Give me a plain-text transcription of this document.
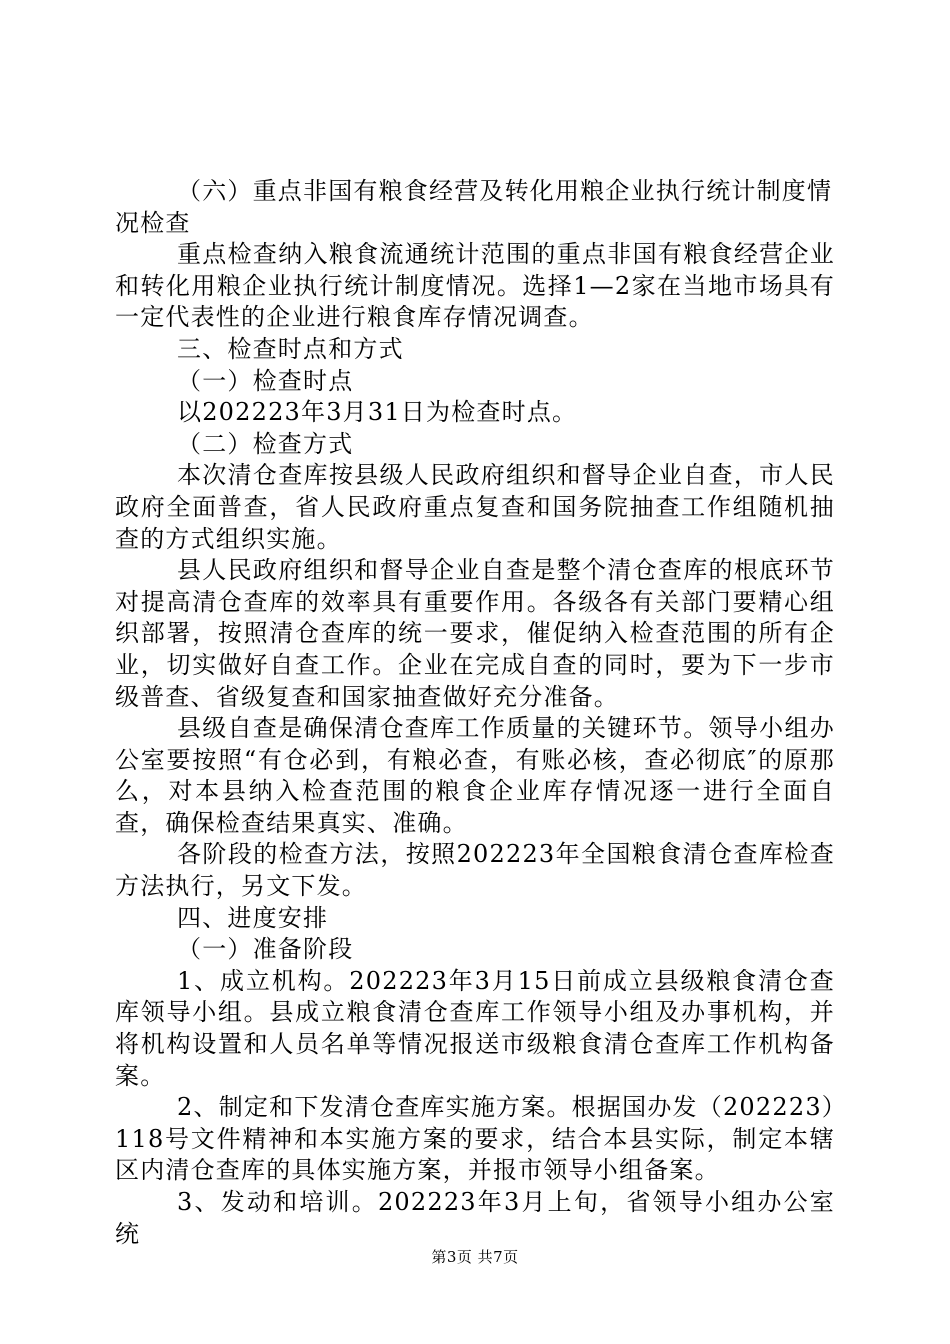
（六）重点非国有粮食经营及转化用粮企业执行统计制度情况检查

重点检查纳入粮食流通统计范围的重点非国有粮食经营企业和转化用粮企业执行统计制度情况。选择1—2家在当地市场具有一定代表性的企业进行粮食库存情况调查。

三、检查时点和方式

（一）检查时点

以202223年3月31日为检查时点。

（二）检查方式

本次清仓查库按县级人民政府组织和督导企业自查，市人民政府全面普查，省人民政府重点复查和国务院抽查工作组随机抽查的方式组织实施。

县人民政府组织和督导企业自查是整个清仓查库的根底环节对提高清仓查库的效率具有重要作用。各级各有关部门要精心组织部署，按照清仓查库的统一要求，催促纳入检查范围的所有企业，切实做好自查工作。企业在完成自查的同时，要为下一步市级普查、省级复查和国家抽查做好充分准备。

县级自查是确保清仓查库工作质量的关键环节。领导小组办公室要按照“有仓必到，有粮必查，有账必核，查必彻底″的原那么，对本县纳入检查范围的粮食企业库存情况逐一进行全面自查，确保检查结果真实、准确。

各阶段的检查方法，按照202223年全国粮食清仓查库检查方法执行，另文下发。

四、进度安排

（一）准备阶段

1、成立机构。202223年3月15日前成立县级粮食清仓查库领导小组。县成立粮食清仓查库工作领导小组及办事机构，并将机构设置和人员名单等情况报送市级粮食清仓查库工作机构备案。

2、制定和下发清仓查库实施方案。根据国办发（202223）118号文件精神和本实施方案的要求，结合本县实际，制定本辖区内清仓查库的具体实施方案，并报市领导小组备案。

3、发动和培训。202223年3月上旬，省领导小组办公室统

第3页 共7页
